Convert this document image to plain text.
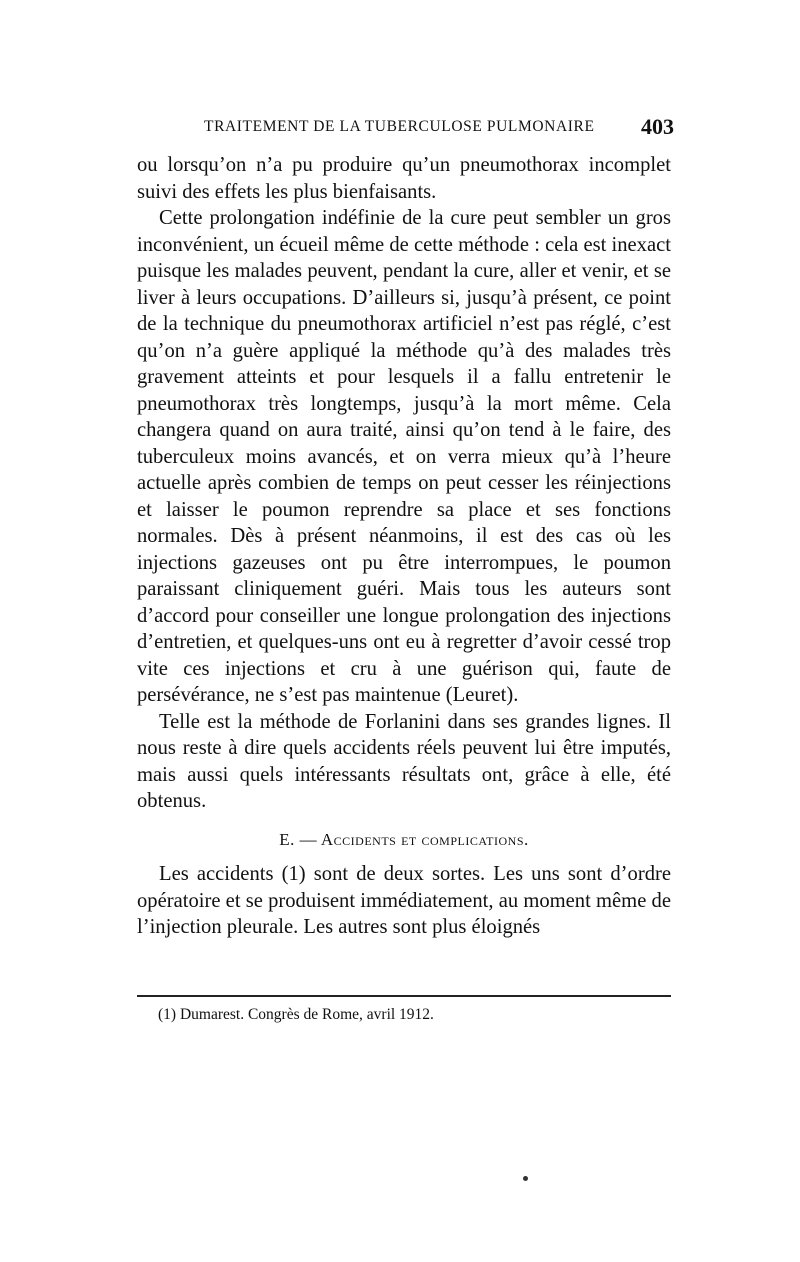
TRAITEMENT DE LA TUBERCULOSE PULMONAIRE 403

ou lorsqu’on n’a pu produire qu’un pneumothorax incomplet suivi des effets les plus bienfaisants.

Cette prolongation indéfinie de la cure peut sembler un gros inconvénient, un écueil même de cette méthode : cela est inexact puisque les malades peuvent, pendant la cure, aller et venir, et se liver à leurs occupations. D’ailleurs si, jusqu’à présent, ce point de la technique du pneumothorax artificiel n’est pas réglé, c’est qu’on n’a guère appliqué la méthode qu’à des malades très gravement atteints et pour lesquels il a fallu entretenir le pneumothorax très longtemps, jusqu’à la mort même. Cela changera quand on aura traité, ainsi qu’on tend à le faire, des tuberculeux moins avancés, et on verra mieux qu’à l’heure actuelle après combien de temps on peut cesser les réinjections et laisser le poumon reprendre sa place et ses fonctions normales. Dès à présent néanmoins, il est des cas où les injections gazeuses ont pu être interrompues, le poumon paraissant cliniquement guéri. Mais tous les auteurs sont d’accord pour conseiller une longue prolongation des injections d’entretien, et quelques-uns ont eu à regretter d’avoir cessé trop vite ces injections et cru à une guérison qui, faute de persévérance, ne s’est pas maintenue (Leuret).

Telle est la méthode de Forlanini dans ses grandes lignes. Il nous reste à dire quels accidents réels peuvent lui être imputés, mais aussi quels intéressants résultats ont, grâce à elle, été obtenus.

E. — Accidents et complications.

Les accidents (1) sont de deux sortes. Les uns sont d’ordre opératoire et se produisent immédiatement, au moment même de l’injection pleurale. Les autres sont plus éloignés

(1) Dumarest. Congrès de Rome, avril 1912.
